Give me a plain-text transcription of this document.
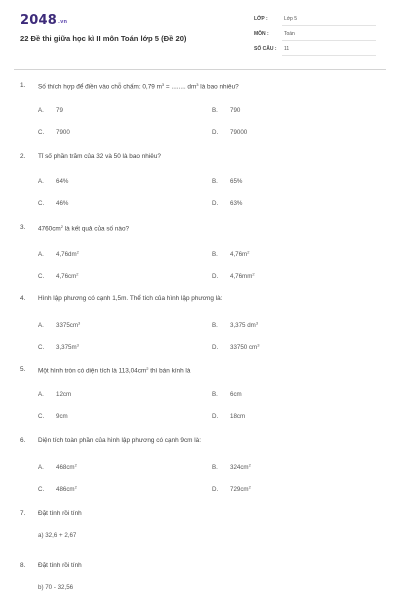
$2048^{.vn}$
22 Đề thi giữa học kì II môn Toán lớp 5 (Đề 20)
LỚP :	Lớp 5
MÔN :	Toán
SỐ CÂU : 11
1. Số thích hợp để điền vào chỗ chấm: 0,79 $m^3$ = ........ $dm^3$ là bao nhiêu?
A. 79	B. 790
C. 7900	D. 79000
2. Tỉ số phần trăm của 32 và 50 là bao nhiêu?
A. 64%	B. 65%
C. 46%	D. 63%
3. $4760cm^2$ là kết quả của số nào?
A. $4,76dm^2$	B. $4,76m^2$
C. $4,76cm^2$	D. $4,76mm^2$
4. Hình lập phương có cạnh 1,5m. Thể tích của hình lập phương là:
A. $3375cm^3$	B. 3,375 $dm^3$
C. $3,375m^3$	D. 33750 $cm^3$
5. Một hình tròn có diện tích là $113,04cm^2$ thì bán kính là
A. 12cm	B. 6cm
C. 9cm	D. 18cm
6. Diện tích toàn phần của hình lập phương có cạnh 9cm là:
A. $468cm^2$	B. $324cm^2$
C. $486cm^2$	D. $729cm^2$
7. Đặt tính rồi tính
a) 32,6 + 2,67
8. Đặt tính rồi tính
b) 70 - 32,56
